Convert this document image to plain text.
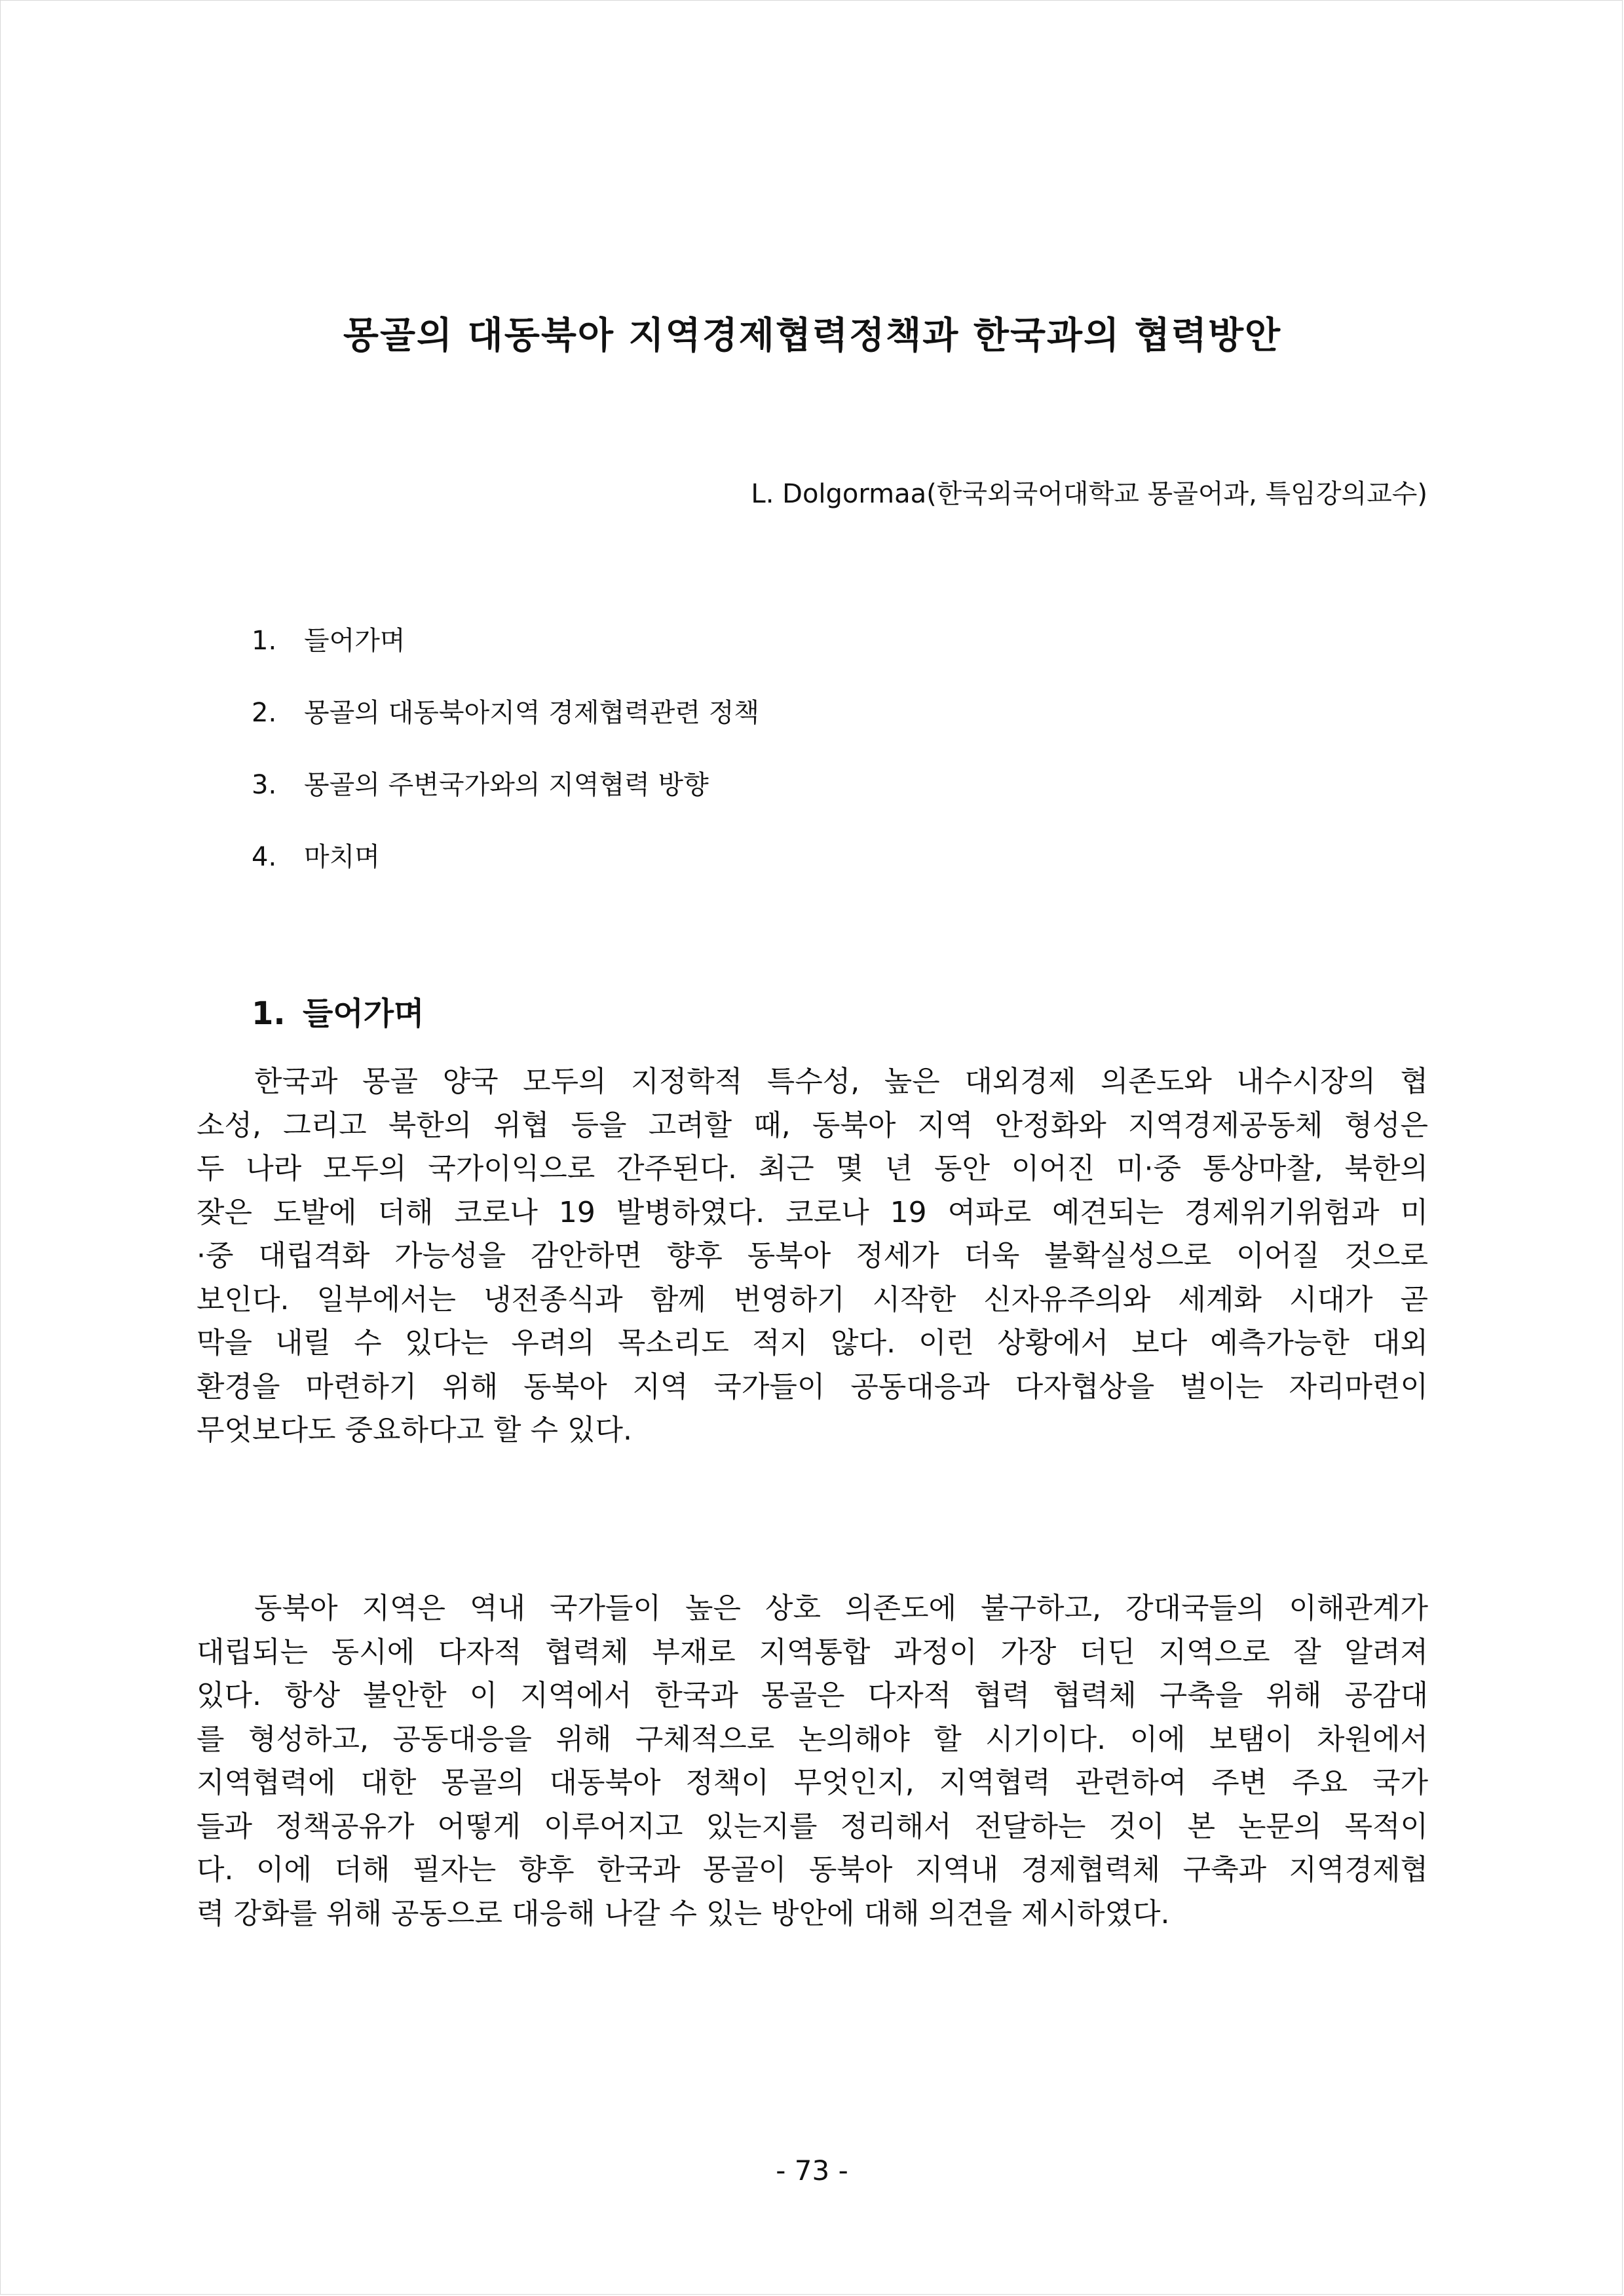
몽골의 대동북아 지역경제협력정책과 한국과의 협력방안
L. Dolgormaa(한국외국어대학교 몽골어과, 특임강의교수)
1. 들어가며
2. 몽골의 대동북아지역 경제협력관련 정책
3. 몽골의 주변국가와의 지역협력 방향
4. 마치며
1. 들어가며
한국과 몽골 양국 모두의 지정학적 특수성, 높은 대외경제 의존도와 내수시장의 협
소성, 그리고 북한의 위협 등을 고려할 때, 동북아 지역 안정화와 지역경제공동체 형성은
두 나라 모두의 국가이익으로 간주된다. 최근 몇 년 동안 이어진 미·중 통상마찰, 북한의
잦은 도발에 더해 코로나 19 발병하였다. 코로나 19 여파로 예견되는 경제위기위험과 미
·중 대립격화 가능성을 감안하면 향후 동북아 정세가 더욱 불확실성으로 이어질 것으로
보인다. 일부에서는 냉전종식과 함께 번영하기 시작한 신자유주의와 세계화 시대가 곧
막을 내릴 수 있다는 우려의 목소리도 적지 않다. 이런 상황에서 보다 예측가능한 대외
환경을 마련하기 위해 동북아 지역 국가들이 공동대응과 다자협상을 벌이는 자리마련이
무엇보다도 중요하다고 할 수 있다.
동북아 지역은 역내 국가들이 높은 상호 의존도에 불구하고, 강대국들의 이해관계가
대립되는 동시에 다자적 협력체 부재로 지역통합 과정이 가장 더딘 지역으로 잘 알려져
있다. 항상 불안한 이 지역에서 한국과 몽골은 다자적 협력 협력체 구축을 위해 공감대
를 형성하고, 공동대응을 위해 구체적으로 논의해야 할 시기이다. 이에 보탬이 차원에서
지역협력에 대한 몽골의 대동북아 정책이 무엇인지, 지역협력 관련하여 주변 주요 국가
들과 정책공유가 어떻게 이루어지고 있는지를 정리해서 전달하는 것이 본 논문의 목적이
다. 이에 더해 필자는 향후 한국과 몽골이 동북아 지역내 경제협력체 구축과 지역경제협
력 강화를 위해 공동으로 대응해 나갈 수 있는 방안에 대해 의견을 제시하였다.
- 73 -
